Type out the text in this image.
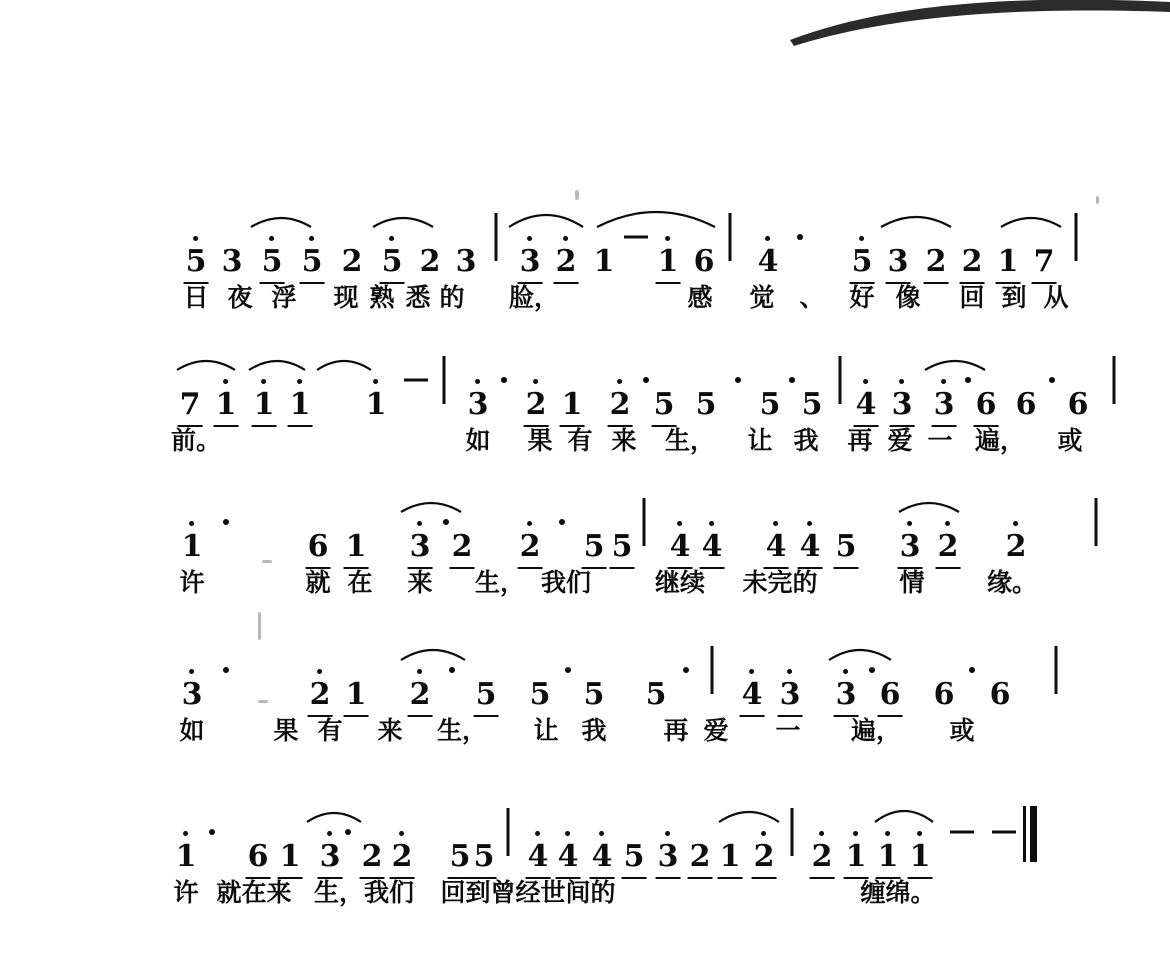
5 3 5 5 2 5 2 3 3 2 1 1 6 4 5 3 2 2 1 7
日 夜 浮 现 熟 悉 的 脸，	感 觉 、 好 像 回 到 从
7 1 1 1 1	3 2 1 2 5 5 5 5 4 3 3 6 6 6
前。	如 果 有 来 生， 让 我 再 爱 一 遍， 或
1	6 1 3 2 2 5 5 4 4 4 4 5 3 2 2
许	就 在 来 生， 我们	继续 未完的	情 缘。
3	2 1 2 5 5 5 5	4 3 3 6 6 6
如	果 有 来 生， 让 我 再 爱 一 遍， 或
1 6 1 3 2 2 5 5 4 4 4 5 3 2 1 2 2 1 1 1
许 就在来 生，我们 回到曾经世间的	缠绵。
